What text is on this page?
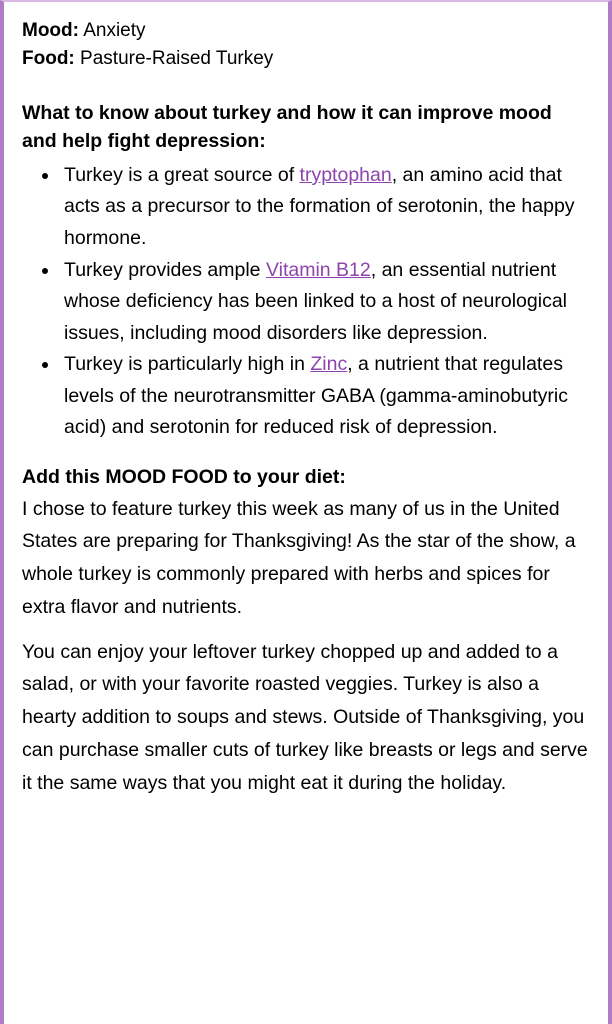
Mood: Anxiety

Food: Pasture-Raised Turkey

What to know about turkey and how it can improve mood and help fight depression:
• Turkey is a great source of tryptophan, an amino acid that acts as a precursor to the formation of serotonin, the happy hormone.
• Turkey provides ample Vitamin B12, an essential nutrient whose deficiency has been linked to a host of neurological issues, including mood disorders like depression.
• Turkey is particularly high in Zinc, a nutrient that regulates levels of the neurotransmitter GABA (gamma-aminobutyric acid) and serotonin for reduced risk of depression.
Add this MOOD FOOD to your diet:

I chose to feature turkey this week as many of us in the United States are preparing for Thanksgiving! As the star of the show, a whole turkey is commonly prepared with herbs and spices for extra flavor and nutrients.

You can enjoy your leftover turkey chopped up and added to a salad, or with your favorite roasted veggies. Turkey is also a hearty addition to soups and stews. Outside of Thanksgiving, you can purchase smaller cuts of turkey like breasts or legs and serve it the same ways that you might eat it during the holiday.
